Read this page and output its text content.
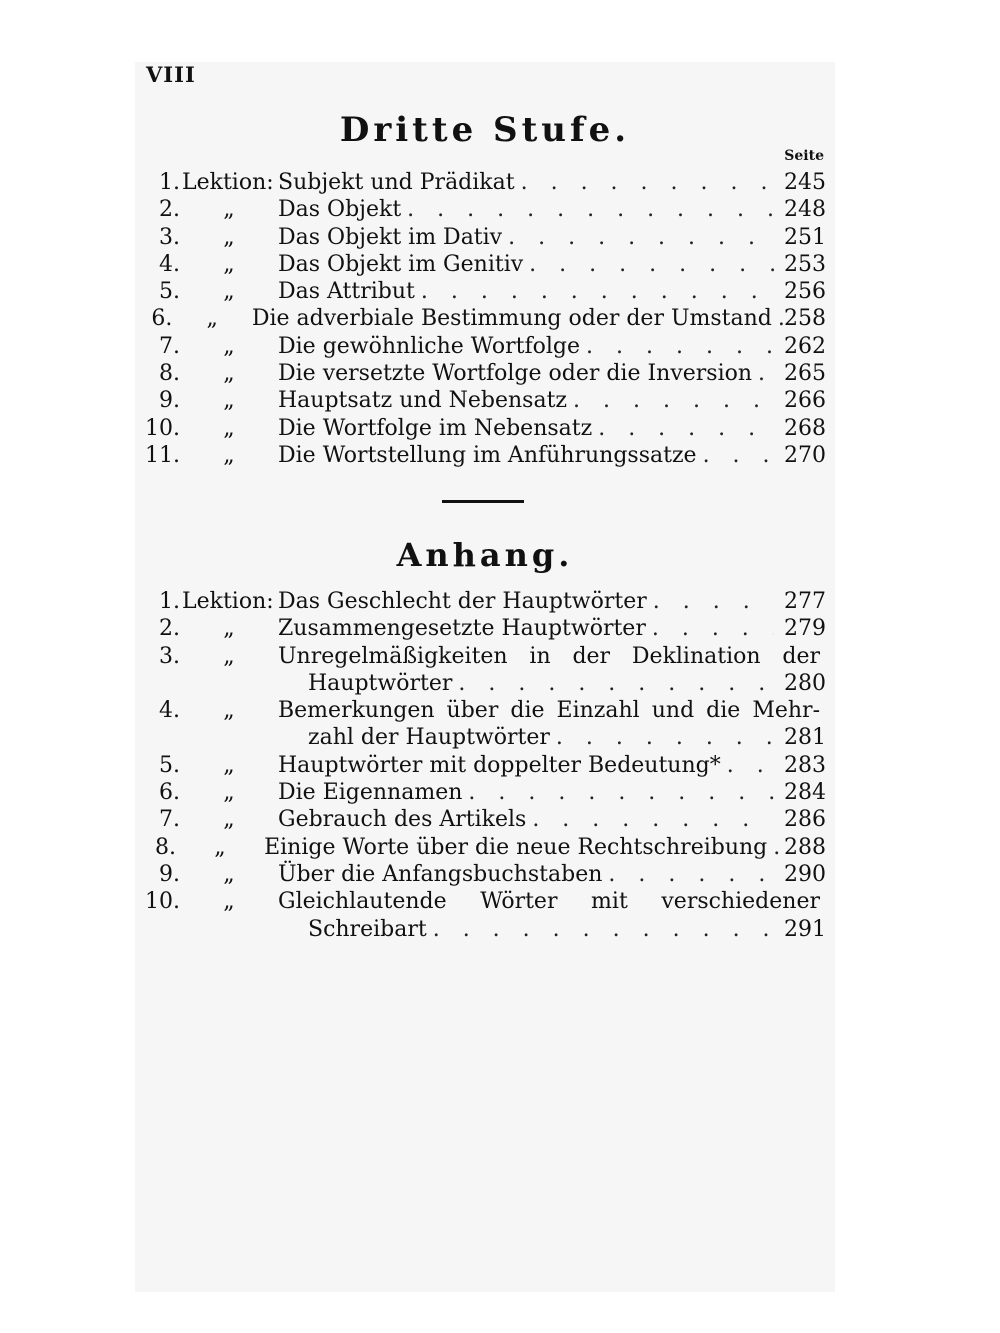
VIII
Dritte Stufe.
Seite
1. Lektion: Subjekt und Prädikat . . .	245
2.	„	Das Objekt . . .	248
3.	„	Das Objekt im Dativ . . .	251
4.	„	Das Objekt im Genitiv . . .	253
5.	„	Das Attribut . . .	256
6.	„	Die adverbiale Bestimmung oder der Umstand . . . 258
7.	„	Die gewöhnliche Wortfolge . . .	262
8.	„	Die versetzte Wortfolge oder die Inversion . . .	265
9.	„	Hauptsatz und Nebensatz . . .	266
10.	„	Die Wortfolge im Nebensatz . . .	268
11.	„	Die Wortstellung im Anführungssatze . . .	270
Anhang.
1. Lektion: Das Geschlecht der Hauptwörter . . .	277
2.	„	Zusammengesetzte Hauptwörter . . .	279
3.	„	Unregelmäßigkeiten in der Deklination der
Hauptwörter . . .	280
4.	„	Bemerkungen über die Einzahl und die Mehr-
zahl der Hauptwörter . . .	281
5.	„	Hauptwörter mit doppelter Bedeutung* . . .	283
6.	„	Die Eigennamen . . .	284
7.	„	Gebrauch des Artikels . . .	286
8.	„	Einige Worte über die neue Rechtschreibung . . . 288
9.	„	Über die Anfangsbuchstaben . . .	290
10.	„	Gleichlautende Wörter mit verschiedener
Schreibart . . .	291
